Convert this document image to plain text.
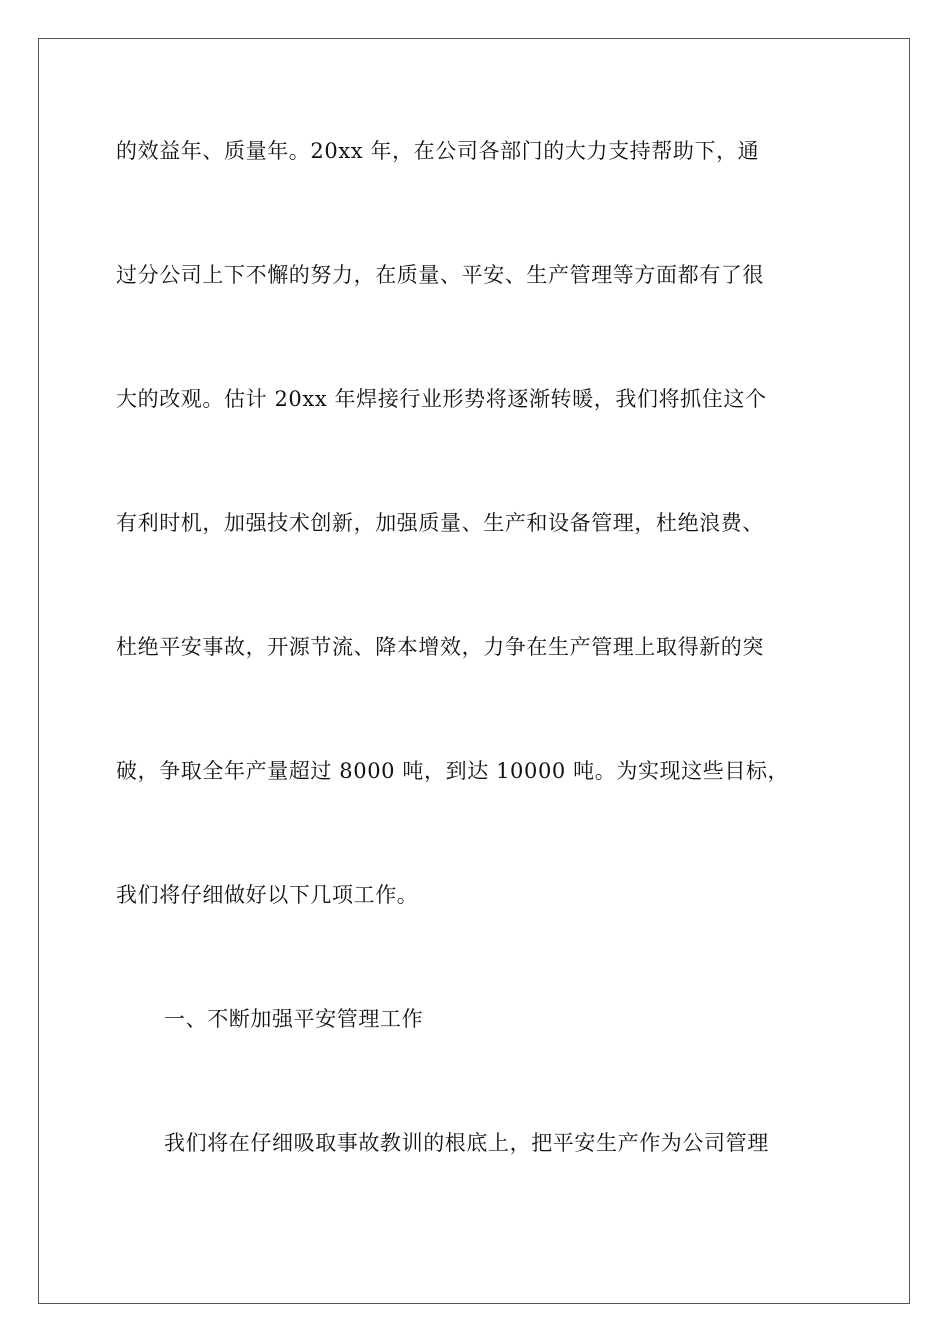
的效益年、质量年。20xx 年，在公司各部门的大力支持帮助下，通
过分公司上下不懈的努力，在质量、平安、生产管理等方面都有了很
大的改观。估计 20xx 年焊接行业形势将逐渐转暖，我们将抓住这个
有利时机，加强技术创新，加强质量、生产和设备管理，杜绝浪费、
杜绝平安事故，开源节流、降本增效，力争在生产管理上取得新的突
破，争取全年产量超过 8000 吨，到达 10000 吨。为实现这些目标，
我们将仔细做好以下几项工作。
一、不断加强平安管理工作
我们将在仔细吸取事故教训的根底上，把平安生产作为公司管理
